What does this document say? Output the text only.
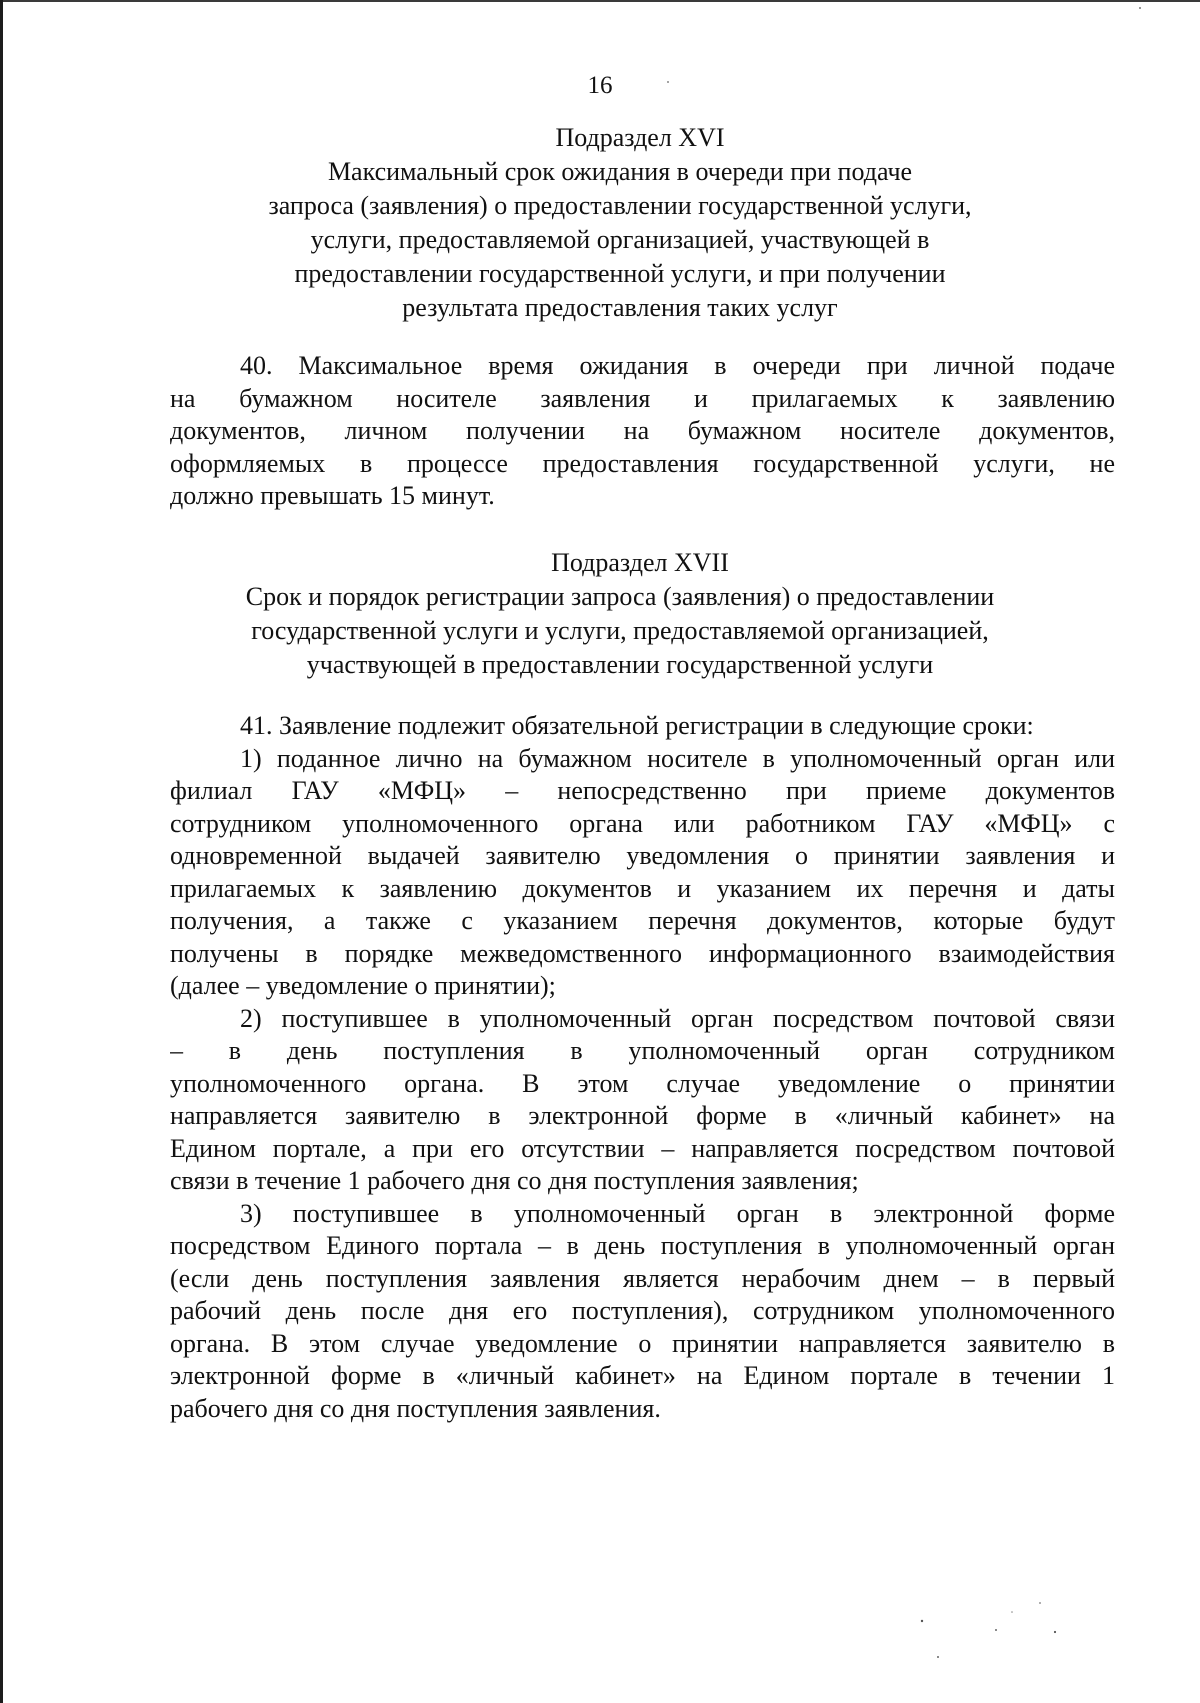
16
Подраздел XVI
Максимальный срок ожидания в очереди при подаче
запроса (заявления) о предоставлении государственной услуги,
услуги, предоставляемой организацией, участвующей в
предоставлении государственной услуги, и при получении
результата предоставления таких услуг
40. Максимальное время ожидания в очереди при личной подаче
на бумажном носителе заявления и прилагаемых к заявлению
документов, личном получении на бумажном носителе документов,
оформляемых в процессе предоставления государственной услуги, не
должно превышать 15 минут.
Подраздел XVII
Срок и порядок регистрации запроса (заявления) о предоставлении
государственной услуги и услуги, предоставляемой организацией,
участвующей в предоставлении государственной услуги
41. Заявление подлежит обязательной регистрации в следующие сроки:
1) поданное лично на бумажном носителе в уполномоченный орган или
филиал ГАУ «МФЦ» – непосредственно при приеме документов
сотрудником уполномоченного органа или работником ГАУ «МФЦ» с
одновременной выдачей заявителю уведомления о принятии заявления и
прилагаемых к заявлению документов и указанием их перечня и даты
получения, а также с указанием перечня документов, которые будут
получены в порядке межведомственного информационного взаимодействия
(далее – уведомление о принятии);
2) поступившее в уполномоченный орган посредством почтовой связи
– в день поступления в уполномоченный орган сотрудником
уполномоченного органа. В этом случае уведомление о принятии
направляется заявителю в электронной форме в «личный кабинет» на
Едином портале, а при его отсутствии – направляется посредством почтовой
связи в течение 1 рабочего дня со дня поступления заявления;
3) поступившее в уполномоченный орган в электронной форме
посредством Единого портала – в день поступления в уполномоченный орган
(если день поступления заявления является нерабочим днем – в первый
рабочий день после дня его поступления), сотрудником уполномоченного
органа. В этом случае уведомление о принятии направляется заявителю в
электронной форме в «личный кабинет» на Едином портале в течении 1
рабочего дня со дня поступления заявления.
